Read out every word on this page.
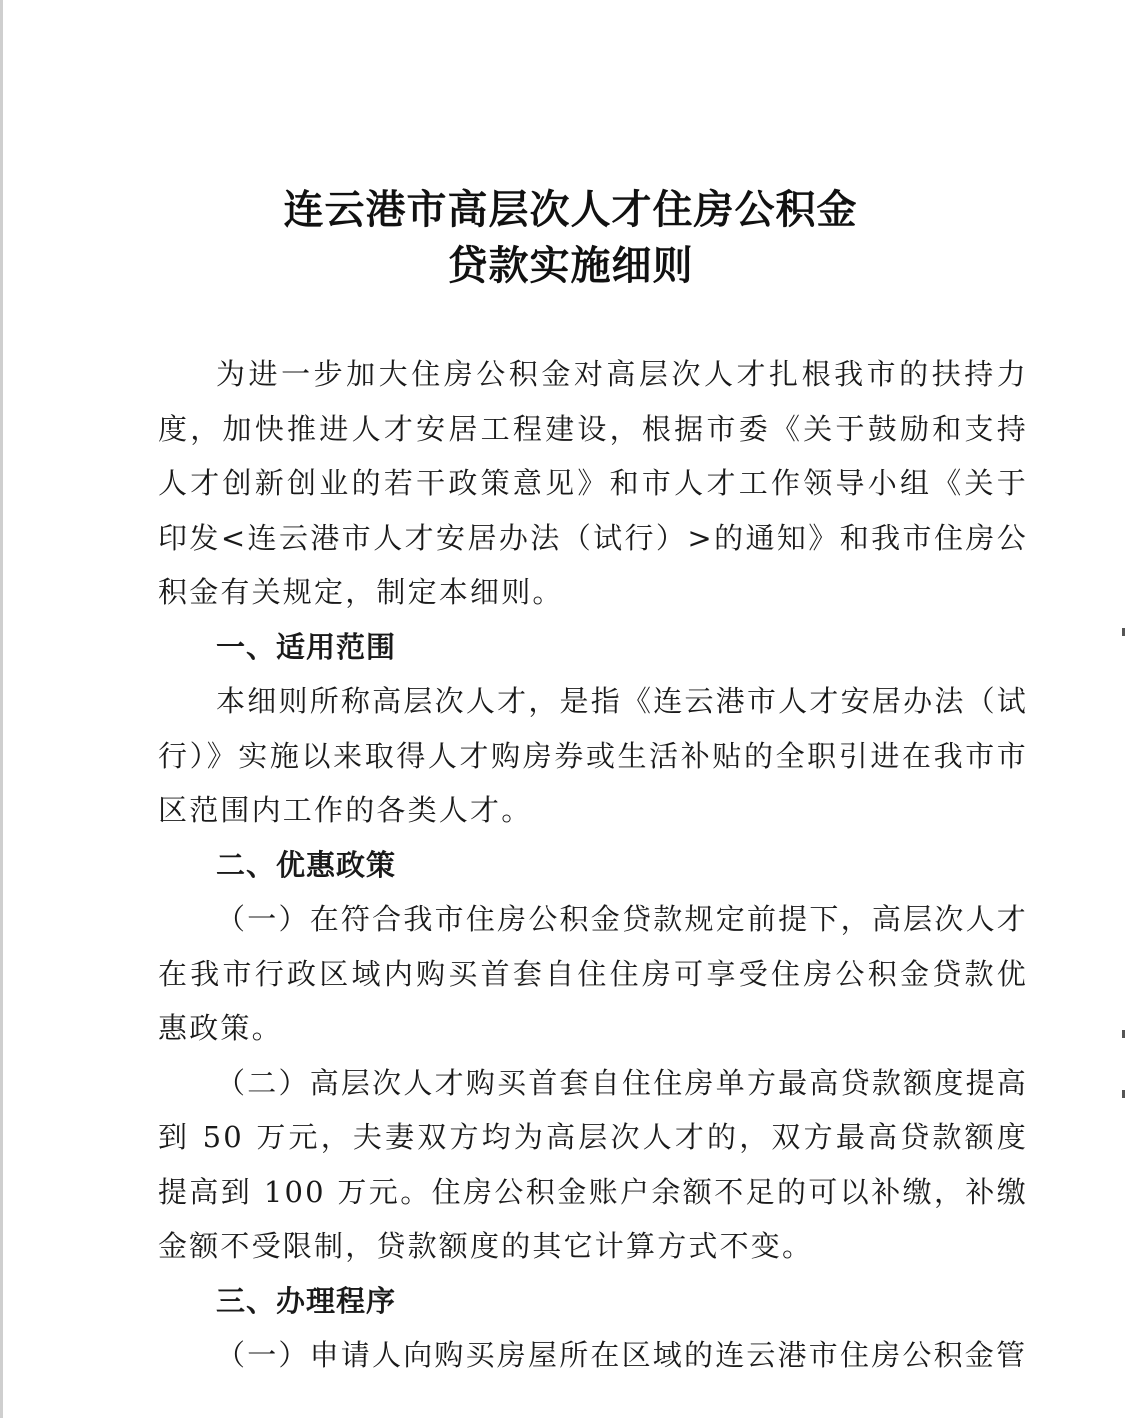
连云港市高层次人才住房公积金
贷款实施细则

为进一步加大住房公积金对高层次人才扎根我市的扶持力度，加快推进人才安居工程建设，根据市委《关于鼓励和支持人才创新创业的若干政策意见》和市人才工作领导小组《关于印发<连云港市人才安居办法（试行）>的通知》和我市住房公积金有关规定，制定本细则。

一、适用范围

本细则所称高层次人才，是指《连云港市人才安居办法（试行）》实施以来取得人才购房券或生活补贴的全职引进在我市市区范围内工作的各类人才。

二、优惠政策

（一）在符合我市住房公积金贷款规定前提下，高层次人才在我市行政区域内购买首套自住住房可享受住房公积金贷款优惠政策。

（二）高层次人才购买首套自住住房单方最高贷款额度提高到 50 万元，夫妻双方均为高层次人才的，双方最高贷款额度提高到 100 万元。住房公积金账户余额不足的可以补缴，补缴金额不受限制，贷款额度的其它计算方式不变。

三、办理程序

（一）申请人向购买房屋所在区域的连云港市住房公积金管
